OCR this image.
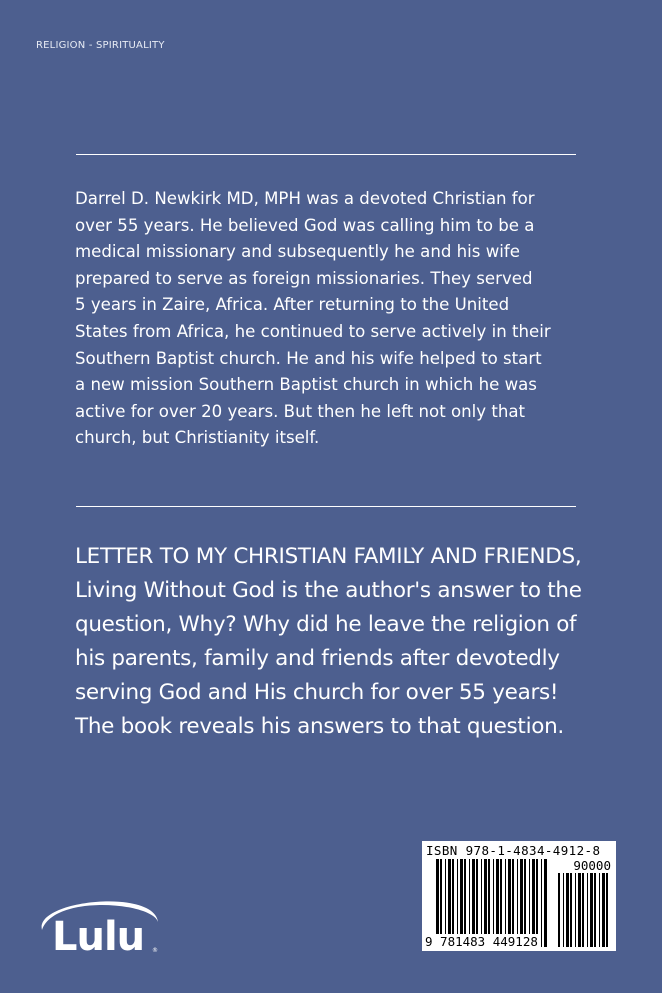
RELIGION - SPIRITUALITY
Darrel D. Newkirk MD, MPH was a devoted Christian for
over 55 years. He believed God was calling him to be a
medical missionary and subsequently he and his wife
prepared to serve as foreign missionaries. They served
5 years in Zaire, Africa. After returning to the United
States from Africa, he continued to serve actively in their
Southern Baptist church. He and his wife helped to start
a new mission Southern Baptist church in which he was
active for over 20 years. But then he left not only that
church, but Christianity itself.
LETTER TO MY CHRISTIAN FAMILY AND FRIENDS,
Living Without God is the author's answer to the
question, Why? Why did he leave the religion of
his parents, family and friends after devotedly
serving God and His church for over 55 years!
The book reveals his answers to that question.
Lulu ®
ISBN 978-1-4834-4912-8
90000
9 781483 449128
